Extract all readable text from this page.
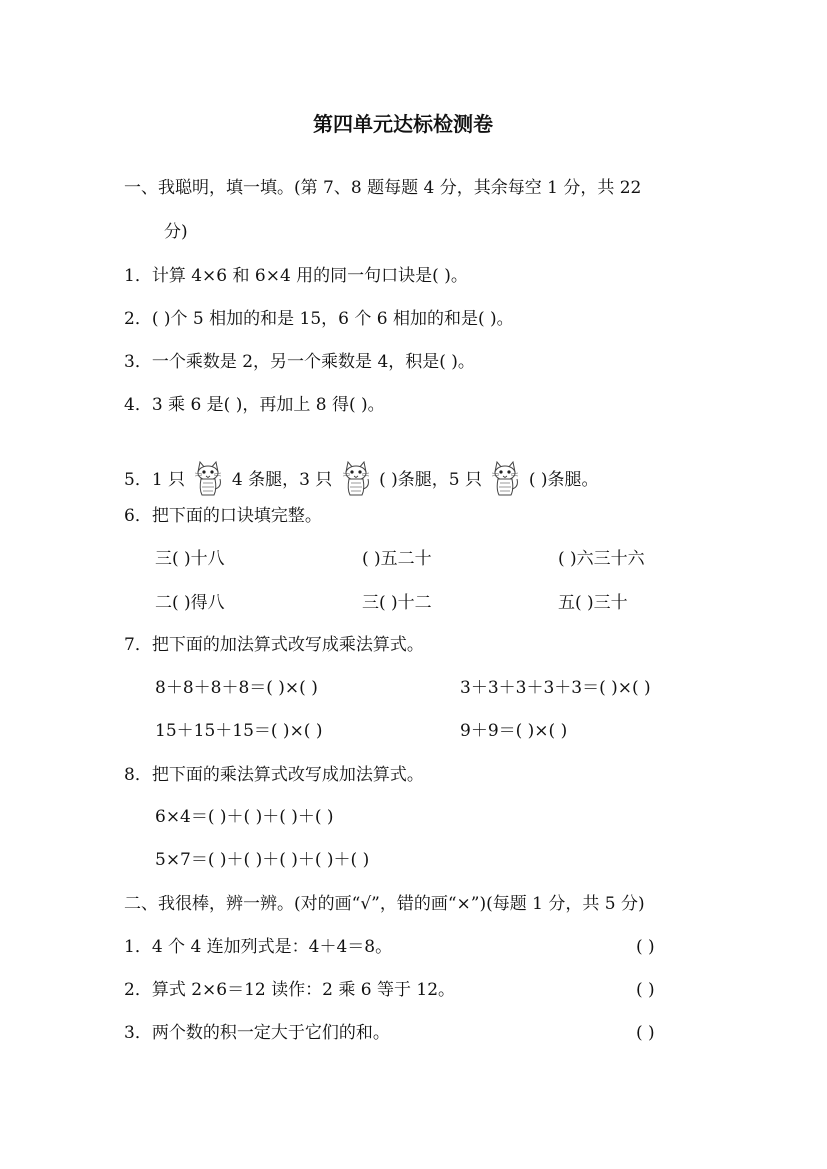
第四单元达标检测卷
一、我聪明，填一填。(第 7、8 题每题 4 分，其余每空 1 分，共 22
分)
1．计算 4×6 和 6×4 用的同一句口诀是( )。
2．( )个 5 相加的和是 15，6 个 6 相加的和是( )。
3．一个乘数是 2，另一个乘数是 4，积是( )。
4．3 乘 6 是( )，再加上 8 得( )。
5．1 只	4 条腿，3 只	( )条腿，5 只	( )条腿。
6．把下面的口诀填完整。
三( )十八	( )五二十	( )六三十六
二( )得八	三( )十二	五( )三十
7．把下面的加法算式改写成乘法算式。
8＋8＋8＋8＝( )×( )	3＋3＋3＋3＋3＝( )×( )
15＋15＋15＝( )×( )	9＋9＝( )×( )
8．把下面的乘法算式改写成加法算式。
6×4＝( )＋( )＋( )＋( )
5×7＝( )＋( )＋( )＋( )＋( )
二、我很棒，辨一辨。(对的画“√”，错的画“×”)(每题 1 分，共 5 分)
1．4 个 4 连加列式是：4＋4＝8。	( )
2．算式 2×6＝12 读作：2 乘 6 等于 12。	( )
3．两个数的积一定大于它们的和。	( )
